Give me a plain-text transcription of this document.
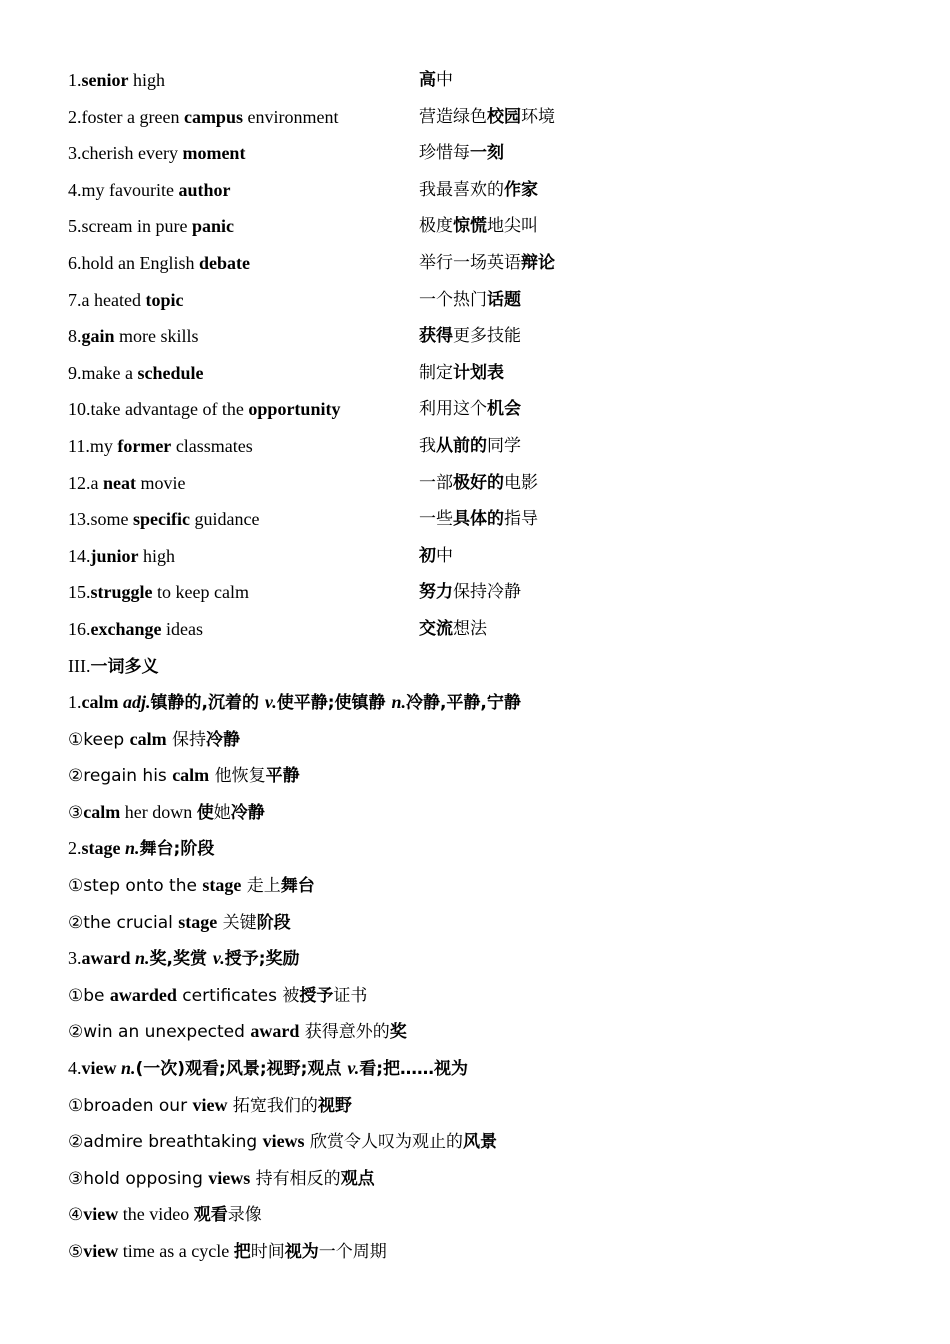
1.senior high	高中
2.foster a green campus environment	营造绿色校园环境
3.cherish every moment	珍惜每一刻
4.my favourite author	我最喜欢的作家
5.scream in pure panic	极度惊慌地尖叫
6.hold an English debate	举行一场英语辩论
7.a heated topic	一个热门话题
8.gain more skills	获得更多技能
9.make a schedule	制定计划表
10.take advantage of the opportunity	利用这个机会
11.my former classmates	我从前的同学
12.a neat movie	一部极好的电影
13.some specific guidance	一些具体的指导
14.junior high	初中
15.struggle to keep calm	努力保持冷静
16.exchange ideas	交流想法
III.一词多义
1.calm adj.镇静的,沉着的 v.使平静;使镇静 n.冷静,平静,宁静
①keep calm 保持冷静
②regain his calm 他恢复平静
③calm her down 使她冷静
2.stage n.舞台;阶段
①step onto the stage 走上舞台
②the crucial stage 关键阶段
3.award n.奖,奖赏 v.授予;奖励
①be awarded certificates 被授予证书
②win an unexpected award 获得意外的奖
4.view n.(一次)观看;风景;视野;观点 v.看;把……视为
①broaden our view 拓宽我们的视野
②admire breathtaking views 欣赏令人叹为观止的风景
③hold opposing views 持有相反的观点
④view the video 观看录像
⑤view time as a cycle 把时间视为一个周期
